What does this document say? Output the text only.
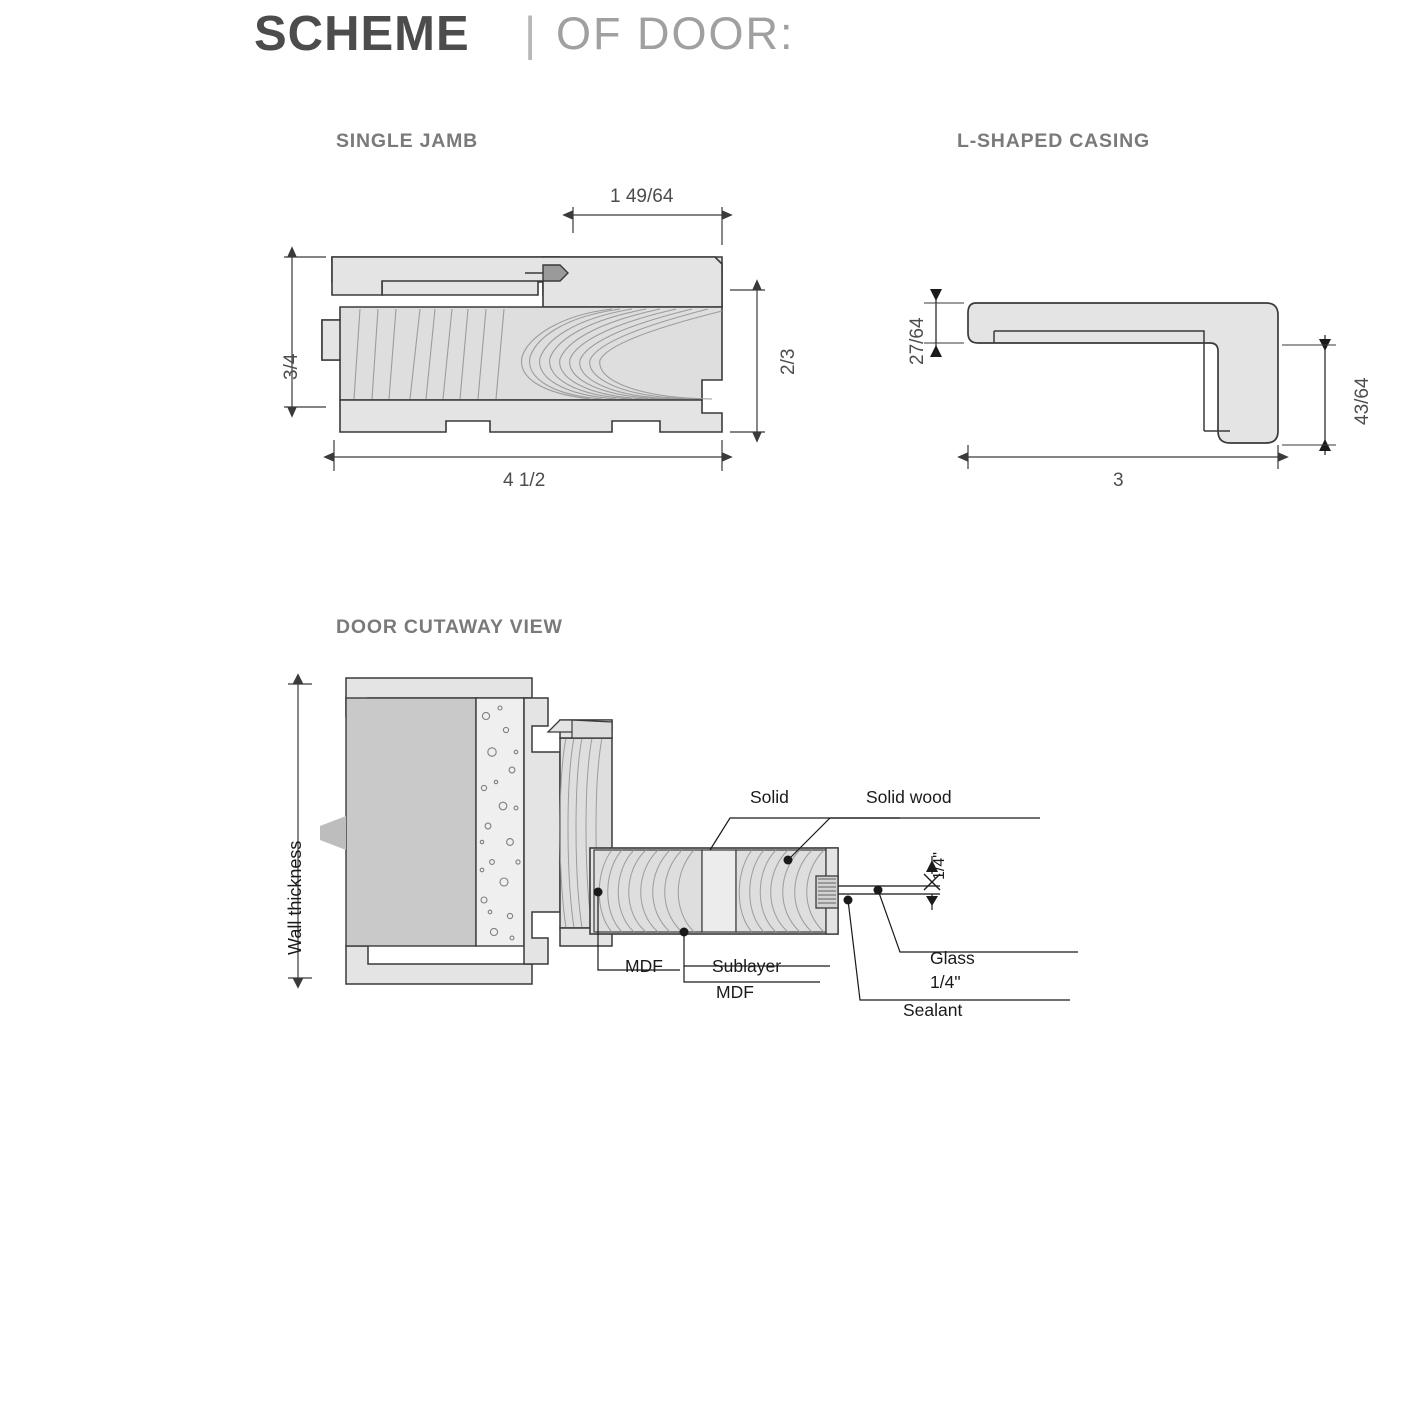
SCHEME | OF DOOR:
SINGLE JAMB	L-SHAPED CASING
DOOR CUTAWAY VIEW
1 49/64
3/4	2/3
4 1/2
27/64
43/64
3
Wall thickness
Solid	Solid wood
MDF	Sublayer
MDF
Glass
1/4"
Sealant
1/4"
